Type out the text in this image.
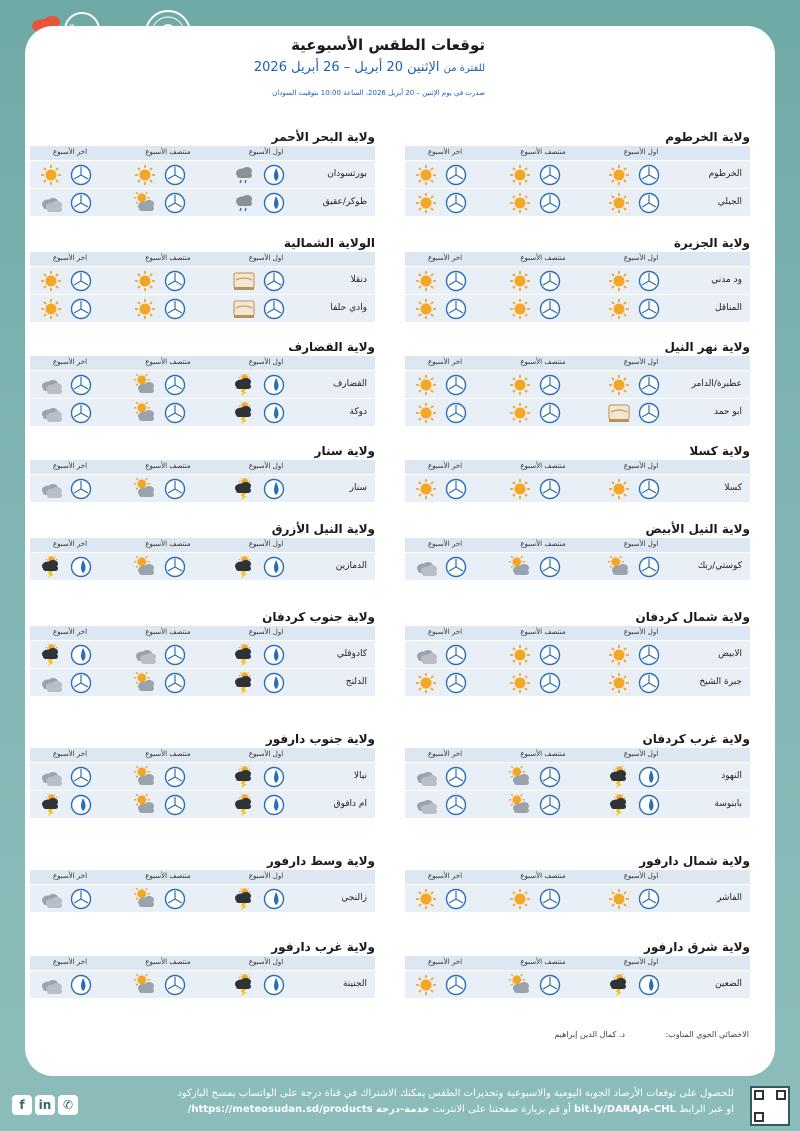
توقعات الطقس الأسبوعية
للفترة من الإثنين 20 أبريل – 26 أبريل 2026
صدرت في يوم الإثنين – 20 أبريل 2026، الساعة 10:00 بتوقيت السودان
ولاية الخرطوم
اول الأسبوع
منتصف الأسبوع
اخر الأسبوع
الخرطوم
الجبلي
ولاية البحر الأحمر
اول الأسبوع
منتصف الأسبوع
اخر الأسبوع
بورتسودان
طوكر/عقيق
ولاية الجزيرة
اول الأسبوع
منتصف الأسبوع
اخر الأسبوع
ود مدني
المناقل
الولاية الشمالية
اول الأسبوع
منتصف الأسبوع
اخر الأسبوع
دنقلا
وادي حلفا
ولاية نهر النيل
اول الأسبوع
منتصف الأسبوع
اخر الأسبوع
عطبرة/الدامر
ابو حمد
ولاية القضارف
اول الأسبوع
منتصف الأسبوع
اخر الأسبوع
القضارف
دوكة
ولاية كسلا
اول الأسبوع
منتصف الأسبوع
اخر الأسبوع
كسلا
ولاية سنار
اول الأسبوع
منتصف الأسبوع
اخر الأسبوع
سنار
ولاية النيل الأبيض
اول الأسبوع
منتصف الأسبوع
اخر الأسبوع
كوستي/ربك
ولاية النيل الأزرق
اول الأسبوع
منتصف الأسبوع
اخر الأسبوع
الدمازين
ولاية شمال كردفان
اول الأسبوع
منتصف الأسبوع
اخر الأسبوع
الابيض
جبرة الشيخ
ولاية جنوب كردفان
اول الأسبوع
منتصف الأسبوع
اخر الأسبوع
كادوقلي
الدلنج
ولاية غرب كردفان
اول الأسبوع
منتصف الأسبوع
اخر الأسبوع
النهود
بابنوسة
ولاية جنوب دارفور
اول الأسبوع
منتصف الأسبوع
اخر الأسبوع
نيالا
ام دافوق
ولاية شمال دارفور
اول الأسبوع
منتصف الأسبوع
اخر الأسبوع
الفاشر
ولاية وسط دارفور
اول الأسبوع
منتصف الأسبوع
اخر الأسبوع
زالنجي
ولاية شرق دارفور
اول الأسبوع
منتصف الأسبوع
اخر الأسبوع
الضعين
ولاية غرب دارفور
اول الأسبوع
منتصف الأسبوع
اخر الأسبوع
الجنينة
الاخصائي الجوي المناوب:
د. كمال الدين إبراهيم
f in ✆
للحصول على توقعات الأرصاد الجوية اليومية والاسبوعية وتحذيرات الطقس يمكنك الاشتراك في قناة درجة على الواتساب بمسح الباركود
او عبر الرابط bit.ly/DARAJA-CHL أو قم بزيارة صفحتنا على الانترنت خدمة-درجة https://meteosudan.sd/products/
